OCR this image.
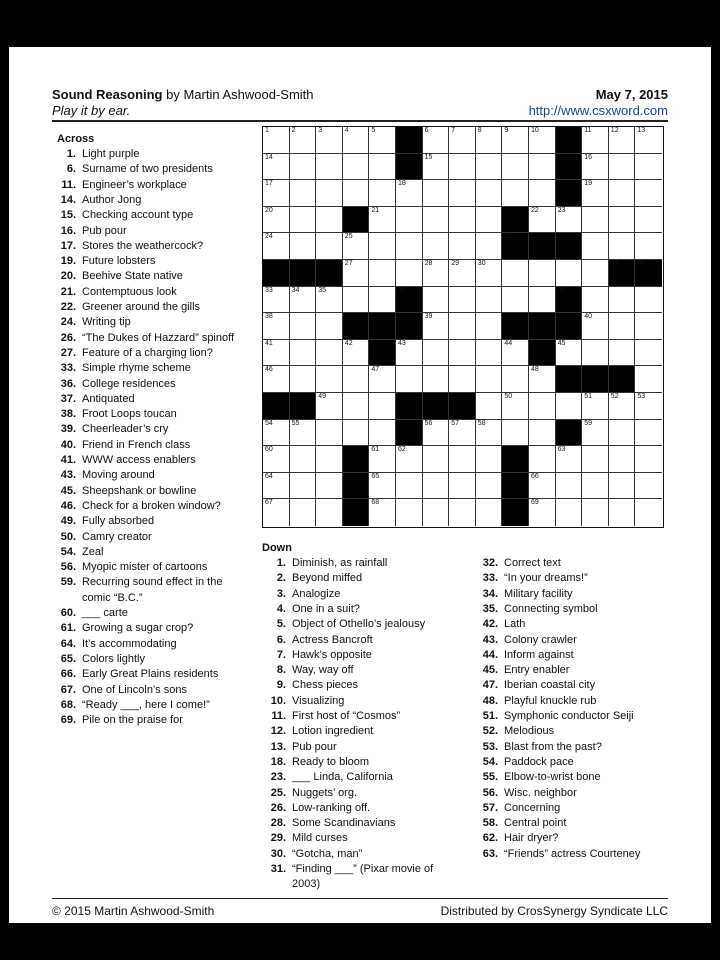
Sound Reasoning by Martin Ashwood-Smith
Play it by ear.
May 7, 2015
http://www.csxword.com
Across
1. Light purple
6. Surname of two presidents
11. Engineer’s workplace
14. Author Jong
15. Checking account type
16. Pub pour
17. Stores the weathercock?
19. Future lobsters
20. Beehive State native
21. Contemptuous look
22. Greener around the gills
24. Writing tip
26. “The Dukes of Hazzard” spinoff
27. Feature of a charging lion?
33. Simple rhyme scheme
36. College residences
37. Antiquated
38. Froot Loops toucan
39. Cheerleader’s cry
40. Friend in French class
41. WWW access enablers
43. Moving around
45. Sheepshank or bowline
46. Check for a broken window?
49. Fully absorbed
50. Camry creator
54. Zeal
56. Myopic mister of cartoons
59. Recurring sound effect in the
comic “B.C.”
60. ___ carte
61. Growing a sugar crop?
64. It’s accommodating
65. Colors lightly
66. Early Great Plains residents
67. One of Lincoln’s sons
68. “Ready ___, here I come!”
69. Pile on the praise for
1	2	3	4	5	6	7	8	9	10	11	12	13
14	15	16
17	18	19
20	21	22	23
24	25	26
27	28	29	30	31	32
33	34	35	36	37
38	39	40
41	42	43	44	45
46	47	48
49	50	51	52	53
54	55	56	57	58	59
60	61	62	63
64	65	66
67	68	69
Down
1. Diminish, as rainfall
2. Beyond miffed
3. Analogize
4. One in a suit?
5. Object of Othello’s jealousy
6. Actress Bancroft
7. Hawk’s opposite
8. Way, way off
9. Chess pieces
10. Visualizing
11. First host of “Cosmos”
12. Lotion ingredient
13. Pub pour
18. Ready to bloom
23. ___ Linda, California
25. Nuggets’ org.
26. Low-ranking off.
28. Some Scandinavians
29. Mild curses
30. “Gotcha, man”
31. “Finding ___” (Pixar movie of
2003)
32. Correct text
33. “In your dreams!”
34. Military facility
35. Connecting symbol
42. Lath
43. Colony crawler
44. Inform against
45. Entry enabler
47. Iberian coastal city
48. Playful knuckle rub
51. Symphonic conductor Seiji
52. Melodious
53. Blast from the past?
54. Paddock pace
55. Elbow-to-wrist bone
56. Wisc. neighbor
57. Concerning
58. Central point
62. Hair dryer?
63. “Friends” actress Courteney
© 2015 Martin Ashwood-Smith	Distributed by CrosSynergy Syndicate LLC
